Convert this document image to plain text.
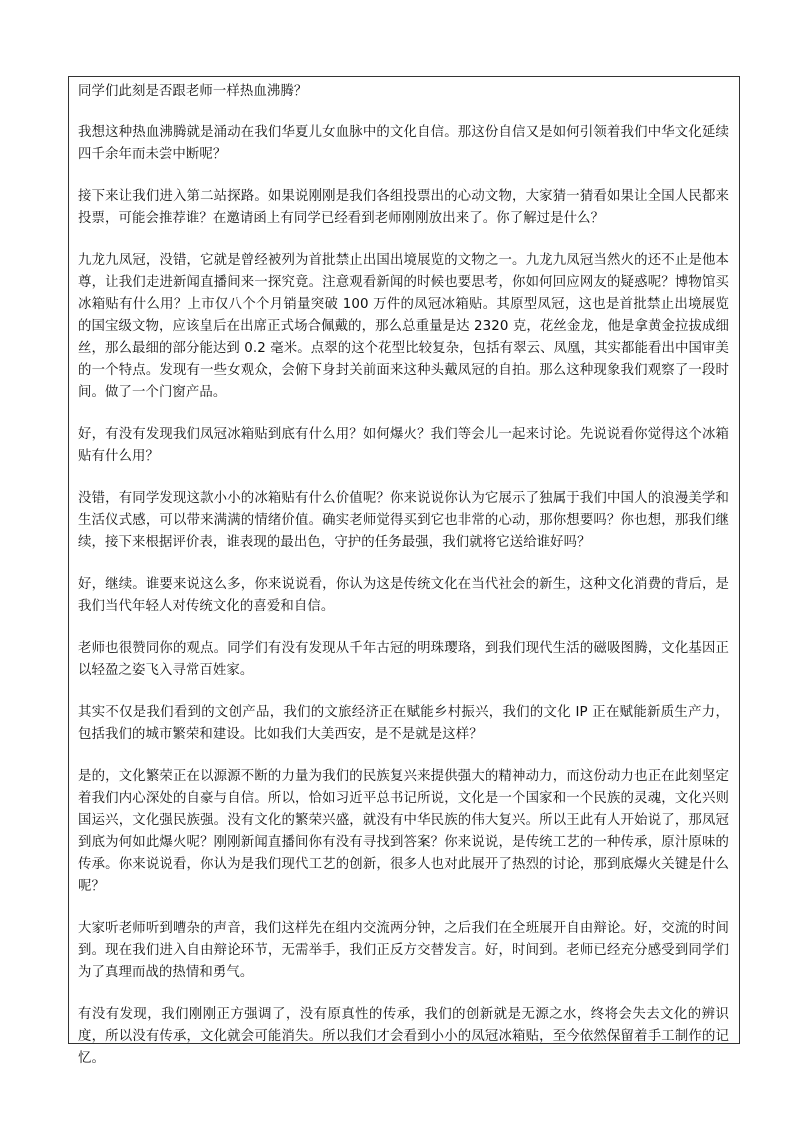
同学们此刻是否跟老师一样热血沸腾？

我想这种热血沸腾就是涌动在我们华夏儿女血脉中的文化自信。那这份自信又是如何引领着我们中华文化延续四千余年而未尝中断呢？

接下来让我们进入第二站探路。如果说刚刚是我们各组投票出的心动文物，大家猜一猜看如果让全国人民都来投票，可能会推荐谁？在邀请函上有同学已经看到老师刚刚放出来了。你了解过是什么？

九龙九凤冠，没错，它就是曾经被列为首批禁止出国出境展览的文物之一。九龙九凤冠当然火的还不止是他本尊，让我们走进新闻直播间来一探究竟。注意观看新闻的时候也要思考，你如何回应网友的疑惑呢？博物馆买冰箱贴有什么用？上市仅八个个月销量突破 100 万件的凤冠冰箱贴。其原型凤冠，这也是首批禁止出境展览的国宝级文物，应该皇后在出席正式场合佩戴的，那么总重量是达 2320 克，花丝金龙，他是拿黄金拉拔成细丝，那么最细的部分能达到 0.2 毫米。点翠的这个花型比较复杂，包括有翠云、凤凰，其实都能看出中国审美的一个特点。发现有一些女观众，会俯下身封关前面来这种头戴凤冠的自拍。那么这种现象我们观察了一段时间。做了一个门窗产品。

好，有没有发现我们凤冠冰箱贴到底有什么用？如何爆火？我们等会儿一起来讨论。先说说看你觉得这个冰箱贴有什么用？

没错，有同学发现这款小小的冰箱贴有什么价值呢？你来说说你认为它展示了独属于我们中国人的浪漫美学和生活仪式感，可以带来满满的情绪价值。确实老师觉得买到它也非常的心动，那你想要吗？你也想，那我们继续，接下来根据评价表，谁表现的最出色，守护的任务最强，我们就将它送给谁好吗？

好，继续。谁要来说这么多，你来说说看，你认为这是传统文化在当代社会的新生，这种文化消费的背后，是我们当代年轻人对传统文化的喜爱和自信。

老师也很赞同你的观点。同学们有没有发现从千年古冠的明珠璎珞，到我们现代生活的磁吸图腾，文化基因正以轻盈之姿飞入寻常百姓家。

其实不仅是我们看到的文创产品，我们的文旅经济正在赋能乡村振兴，我们的文化 IP 正在赋能新质生产力，包括我们的城市繁荣和建设。比如我们大美西安，是不是就是这样？

是的，文化繁荣正在以源源不断的力量为我们的民族复兴来提供强大的精神动力，而这份动力也正在此刻坚定着我们内心深处的自豪与自信。所以，恰如习近平总书记所说，文化是一个国家和一个民族的灵魂，文化兴则国运兴，文化强民族强。没有文化的繁荣兴盛，就没有中华民族的伟大复兴。所以王此有人开始说了，那凤冠到底为何如此爆火呢？刚刚新闻直播间你有没有寻找到答案？你来说说，是传统工艺的一种传承，原汁原味的传承。你来说说看，你认为是我们现代工艺的创新，很多人也对此展开了热烈的讨论，那到底爆火关键是什么呢？

大家听老师听到嘈杂的声音，我们这样先在组内交流两分钟，之后我们在全班展开自由辩论。好，交流的时间到。现在我们进入自由辩论环节，无需举手，我们正反方交替发言。好，时间到。老师已经充分感受到同学们为了真理而战的热情和勇气。

有没有发现，我们刚刚正方强调了，没有原真性的传承，我们的创新就是无源之水，终将会失去文化的辨识度，所以没有传承，文化就会可能消失。所以我们才会看到小小的凤冠冰箱贴，至今依然保留着手工制作的记忆。
